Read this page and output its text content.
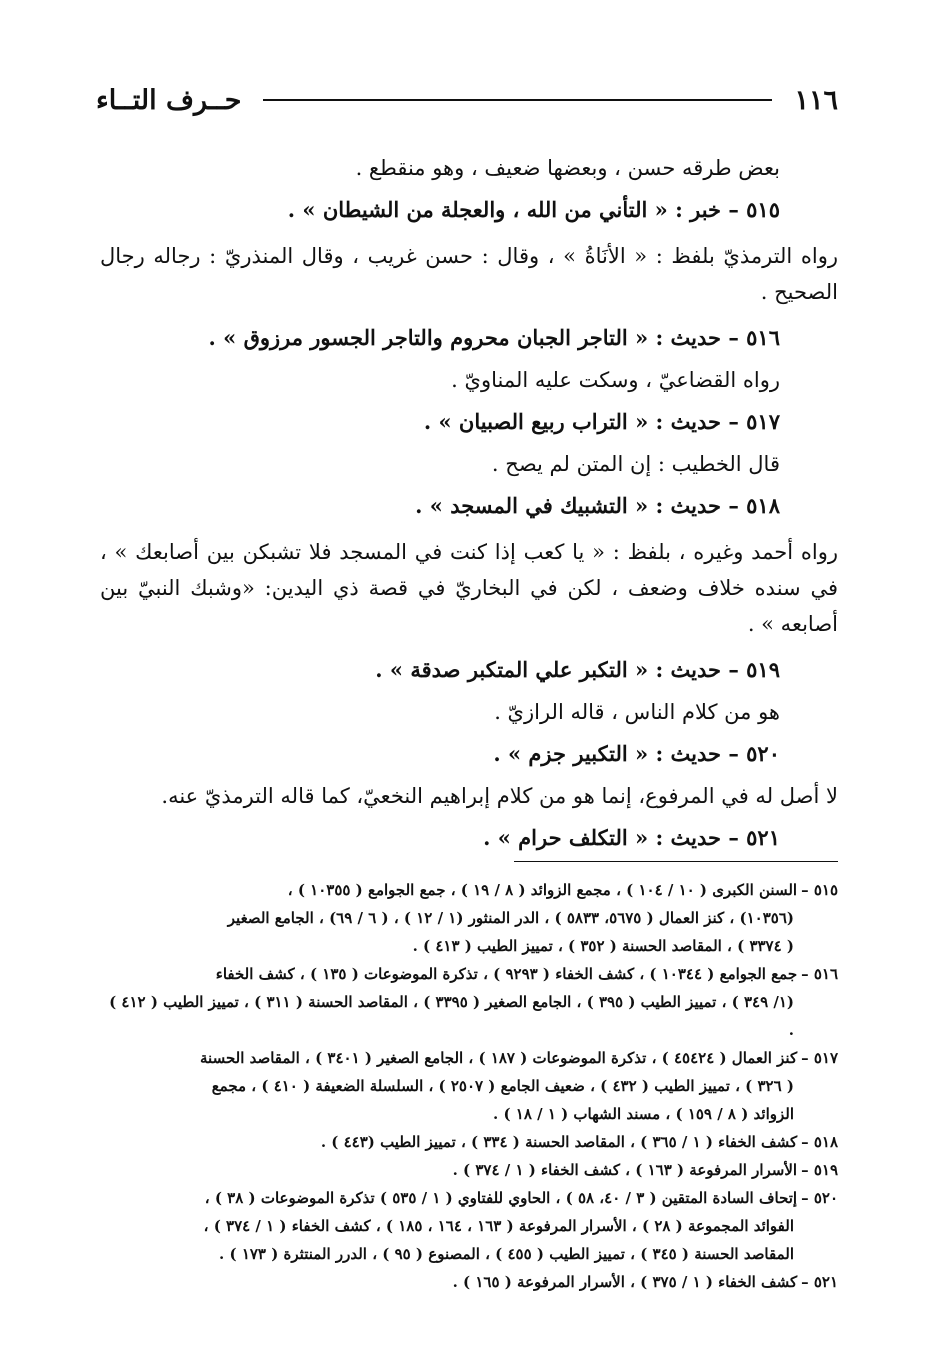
١١٦
حــرف التــاء

بعض طرقه حسن ، وبعضها ضعيف ، وهو منقطع .

٥١٥ – خبر : « التأني من الله ، والعجلة من الشيطان » .

رواه الترمذيّ بلفظ : « الأنَاةُ » ، وقال : حسن غريب ، وقال المنذريّ : رجاله رجال الصحيح .

٥١٦ – حديث : « التاجر الجبان محروم والتاجر الجسور مرزوق » .

رواه القضاعيّ ، وسكت عليه المناويّ .

٥١٧ – حديث : « التراب ربيع الصبيان » .

قال الخطيب : إن المتن لم يصح .

٥١٨ – حديث : « التشبيك في المسجد » .

رواه أحمد وغيره ، بلفظ : « يا كعب إذا كنت في المسجد فلا تشبكن بين أصابعك » ، في سنده خلاف وضعف ، لكن في البخاريّ في قصة ذي اليدين: «وشبك النبيّ بين أصابعه » .

٥١٩ – حديث : « التكبر علي المتكبر صدقة » .

هو من كلام الناس ، قاله الرازيّ .

٥٢٠ – حديث : « التكبير جزم » .

لا أصل له في المرفوع، إنما هو من كلام إبراهيم النخعيّ، كما قاله الترمذيّ عنه.

٥٢١ – حديث : « التكلف حرام » .

٥١٥ –السنن الكبرى ( ١٠ / ١٠٤ ) ، مجمع الزوائد ( ٨ / ١٩ ) ، جمع الجوامع ( ١٠٣٥٥ ) ،

(١٠٣٥٦) ، كنز العمال ( ٥٦٧٥، ٥٨٣٣ ) ، الدر المنثور (١ / ١٢ ) ، ( ٦ / ٦٩) ، الجامع الصغير

( ٣٣٧٤ ) ، المقاصد الحسنة ( ٣٥٢ ) ، تمييز الطيب ( ٤١٣ ) .

٥١٦ –جمع الجوامع ( ١٠٣٤٤ ) ، كشف الخفاء ( ٩٢٩٣ ) ، تذكرة الموضوعات ( ١٣٥ ) ، كشف الخفاء

(١/ ٣٤٩ ) ، تمييز الطيب ( ٣٩٥ ) ، الجامع الصغير ( ٣٣٩٥ ) ، المقاصد الحسنة ( ٣١١ ) ، تمييز الطيب ( ٤١٢ ) .

٥١٧ –كنز العمال ( ٤٥٤٢٤ ) ، تذكرة الموضوعات ( ١٨٧ ) ، الجامع الصغير ( ٣٤٠١ ) ، المقاصد الحسنة

( ٣٢٦ ) ، تمييز الطيب ( ٤٣٢ ) ، ضعيف الجامع ( ٢٥٠٧ ) ، السلسلة الضعيفة ( ٤١٠ ) ، مجمع

الزوائد ( ٨ / ١٥٩ ) ، مسند الشهاب ( ١ / ١٨ ) .

٥١٨ –كشف الخفاء ( ١ / ٣٦٥ ) ، المقاصد الحسنة ( ٣٣٤ ) ، تمييز الطيب (٤٤٣ ) .

٥١٩ –الأسرار المرفوعة ( ١٦٣ ) ، كشف الخفاء ( ١ / ٣٧٤ ) .

٥٢٠ –إتحاف السادة المتقين ( ٣ / ٤٠، ٥٨ ) ، الحاوي للفتاوي ( ١ / ٥٣٥ ) تذكرة الموضوعات ( ٣٨ ) ،

الفوائد المجموعة ( ٢٨ ) ، الأسرار المرفوعة ( ١٦٣ ، ١٦٤ ، ١٨٥ ) ، كشف الخفاء ( ١ / ٣٧٤ ) ،

المقاصد الحسنة ( ٣٤٥ ) ، تمييز الطيب ( ٤٥٥ ) ، المصنوع ( ٩٥ ) ، الدرر المنتثرة ( ١٧٣ ) .

٥٢١ –كشف الخفاء ( ١ / ٣٧٥ ) ، الأسرار المرفوعة ( ١٦٥ ) .
